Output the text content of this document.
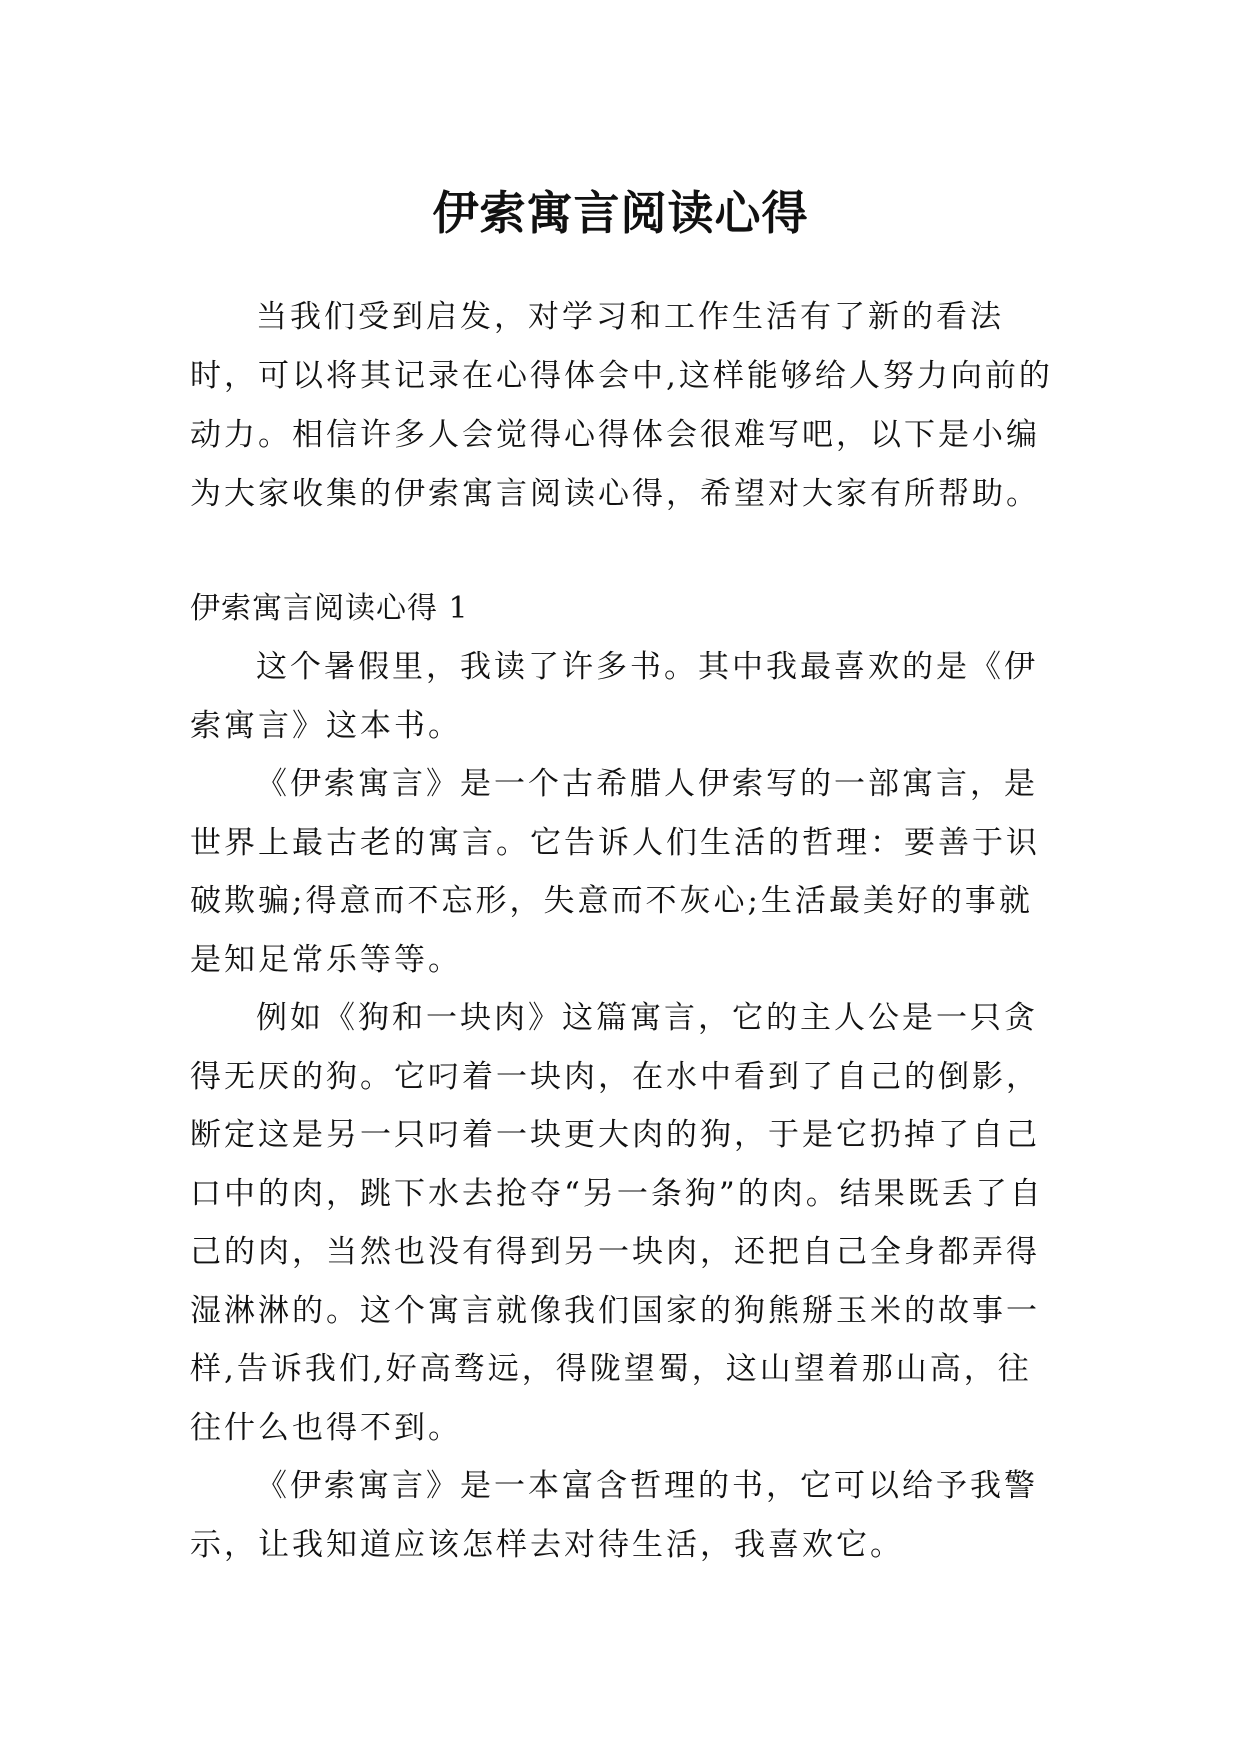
伊索寓言阅读心得

当我们受到启发，对学习和工作生活有了新的看法时，可以将其记录在心得体会中,这样能够给人努力向前的动力。相信许多人会觉得心得体会很难写吧，以下是小编为大家收集的伊索寓言阅读心得，希望对大家有所帮助。

伊索寓言阅读心得 1

这个暑假里，我读了许多书。其中我最喜欢的是《伊索寓言》这本书。

《伊索寓言》是一个古希腊人伊索写的一部寓言，是世界上最古老的寓言。它告诉人们生活的哲理：要善于识破欺骗;得意而不忘形，失意而不灰心;生活最美好的事就是知足常乐等等。

例如《狗和一块肉》这篇寓言，它的主人公是一只贪得无厌的狗。它叼着一块肉，在水中看到了自己的倒影，断定这是另一只叼着一块更大肉的狗，于是它扔掉了自己口中的肉，跳下水去抢夺“另一条狗”的肉。结果既丢了自己的肉，当然也没有得到另一块肉，还把自己全身都弄得湿淋淋的。这个寓言就像我们国家的狗熊掰玉米的故事一样,告诉我们,好高骛远，得陇望蜀，这山望着那山高，往往什么也得不到。

《伊索寓言》是一本富含哲理的书，它可以给予我警示，让我知道应该怎样去对待生活，我喜欢它。
